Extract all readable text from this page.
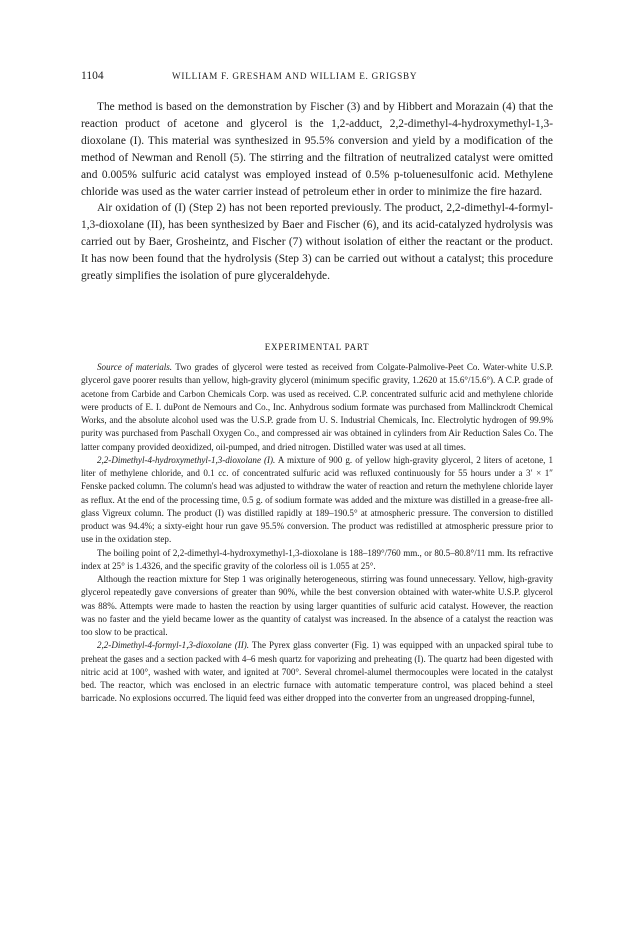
1104	WILLIAM F. GRESHAM AND WILLIAM E. GRIGSBY

The method is based on the demonstration by Fischer (3) and by Hibbert and Morazain (4) that the reaction product of acetone and glycerol is the 1,2-adduct, 2,2-dimethyl-4-hydroxymethyl-1,3-dioxolane (I). This material was synthesized in 95.5% conversion and yield by a modification of the method of Newman and Renoll (5). The stirring and the filtration of neutralized catalyst were omitted and 0.005% sulfuric acid catalyst was employed instead of 0.5% p-toluenesulfonic acid. Methylene chloride was used as the water carrier instead of petroleum ether in order to minimize the fire hazard.

Air oxidation of (I) (Step 2) has not been reported previously. The product, 2,2-dimethyl-4-formyl-1,3-dioxolane (II), has been synthesized by Baer and Fischer (6), and its acid-catalyzed hydrolysis was carried out by Baer, Grosheintz, and Fischer (7) without isolation of either the reactant or the product. It has now been found that the hydrolysis (Step 3) can be carried out without a catalyst; this procedure greatly simplifies the isolation of pure glyceraldehyde.

EXPERIMENTAL PART

Source of materials. Two grades of glycerol were tested as received from Colgate-Palmolive-Peet Co. Water-white U.S.P. glycerol gave poorer results than yellow, high-gravity glycerol (minimum specific gravity, 1.2620 at 15.6°/15.6°). A C.P. grade of acetone from Carbide and Carbon Chemicals Corp. was used as received. C.P. concentrated sulfuric acid and methylene chloride were products of E. I. duPont de Nemours and Co., Inc. Anhydrous sodium formate was purchased from Mallinckrodt Chemical Works, and the absolute alcohol used was the U.S.P. grade from U. S. Industrial Chemicals, Inc. Electrolytic hydrogen of 99.9% purity was purchased from Paschall Oxygen Co., and compressed air was obtained in cylinders from Air Reduction Sales Co. The latter company provided deoxidized, oil-pumped, and dried nitrogen. Distilled water was used at all times.

2,2-Dimethyl-4-hydroxymethyl-1,3-dioxolane (I). A mixture of 900 g. of yellow high-gravity glycerol, 2 liters of acetone, 1 liter of methylene chloride, and 0.1 cc. of concentrated sulfuric acid was refluxed continuously for 55 hours under a 3′ × 1″ Fenske packed column. The column's head was adjusted to withdraw the water of reaction and return the methylene chloride layer as reflux. At the end of the processing time, 0.5 g. of sodium formate was added and the mixture was distilled in a grease-free all-glass Vigreux column. The product (I) was distilled rapidly at 189–190.5° at atmospheric pressure. The conversion to distilled product was 94.4%; a sixty-eight hour run gave 95.5% conversion. The product was redistilled at atmospheric pressure prior to use in the oxidation step.

The boiling point of 2,2-dimethyl-4-hydroxymethyl-1,3-dioxolane is 188–189°/760 mm., or 80.5–80.8°/11 mm. Its refractive index at 25° is 1.4326, and the specific gravity of the colorless oil is 1.055 at 25°.

Although the reaction mixture for Step 1 was originally heterogeneous, stirring was found unnecessary. Yellow, high-gravity glycerol repeatedly gave conversions of greater than 90%, while the best conversion obtained with water-white U.S.P. glycerol was 88%. Attempts were made to hasten the reaction by using larger quantities of sulfuric acid catalyst. However, the reaction was no faster and the yield became lower as the quantity of catalyst was increased. In the absence of a catalyst the reaction was too slow to be practical.

2,2-Dimethyl-4-formyl-1,3-dioxolane (II). The Pyrex glass converter (Fig. 1) was equipped with an unpacked spiral tube to preheat the gases and a section packed with 4–6 mesh quartz for vaporizing and preheating (I). The quartz had been digested with nitric acid at 100°, washed with water, and ignited at 700°. Several chromel-alumel thermocouples were located in the catalyst bed. The reactor, which was enclosed in an electric furnace with automatic temperature control, was placed behind a steel barricade. No explosions occurred. The liquid feed was either dropped into the converter from an ungreased dropping-funnel,
